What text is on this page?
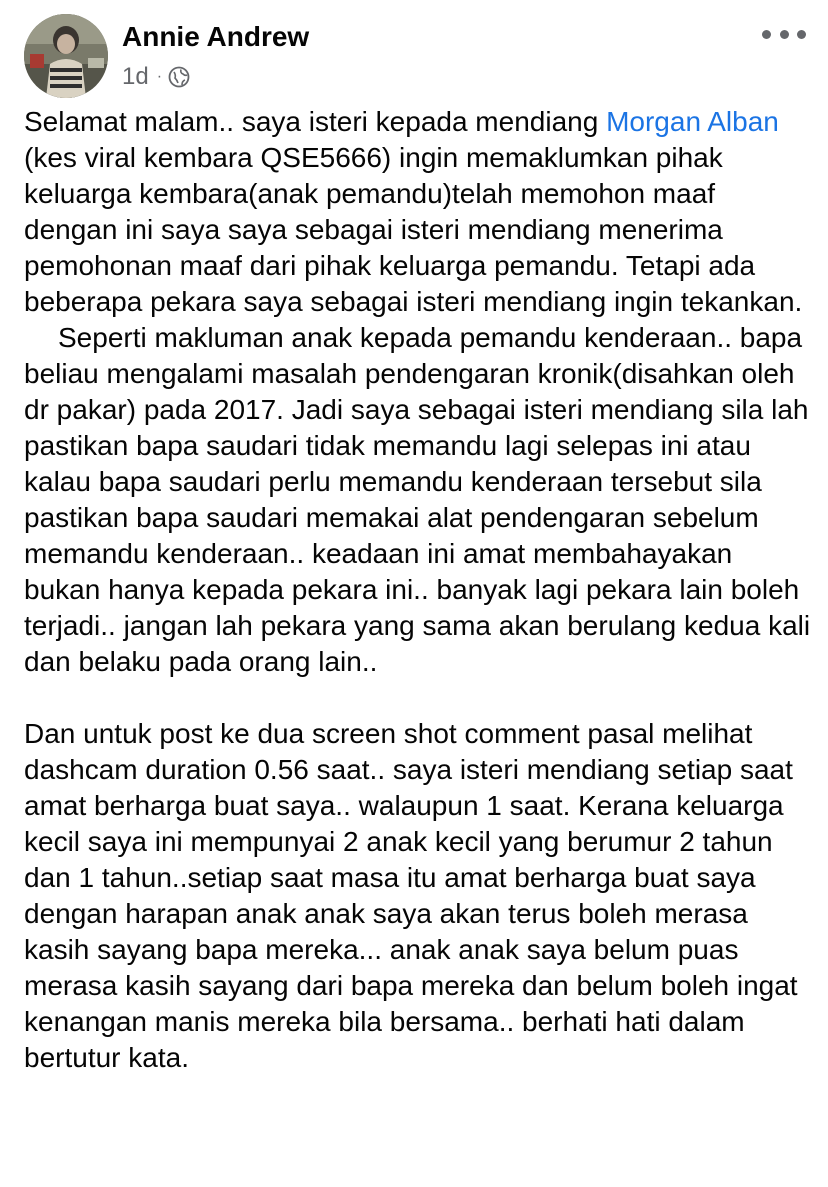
Annie Andrew
1d ·

Selamat malam.. saya isteri kepada mendiang Morgan Alban (kes viral kembara QSE5666) ingin memaklumkan pihak keluarga kembara(anak pemandu)telah memohon maaf dengan ini saya saya sebagai isteri mendiang menerima pemohonan maaf dari pihak keluarga pemandu. Tetapi ada beberapa pekara saya sebagai isteri mendiang ingin tekankan.

Seperti makluman anak kepada pemandu kenderaan.. bapa beliau mengalami masalah pendengaran kronik(disahkan oleh dr pakar) pada 2017. Jadi saya sebagai isteri mendiang sila lah pastikan bapa saudari tidak memandu lagi selepas ini atau kalau bapa saudari perlu memandu kenderaan tersebut sila pastikan bapa saudari memakai alat pendengaran sebelum memandu kenderaan.. keadaan ini amat membahayakan bukan hanya kepada pekara ini.. banyak lagi pekara lain boleh terjadi.. jangan lah pekara yang sama akan berulang kedua kali dan belaku pada orang lain..

Dan untuk post ke dua screen shot comment pasal melihat dashcam duration 0.56 saat.. saya isteri mendiang setiap saat amat berharga buat saya.. walaupun 1 saat. Kerana keluarga kecil saya ini mempunyai 2 anak kecil yang berumur 2 tahun dan 1 tahun..setiap saat masa itu amat berharga buat saya dengan harapan anak anak saya akan terus boleh merasa kasih sayang bapa mereka... anak anak saya belum puas merasa kasih sayang dari bapa mereka dan belum boleh ingat kenangan manis mereka bila bersama.. berhati hati dalam bertutur kata.
